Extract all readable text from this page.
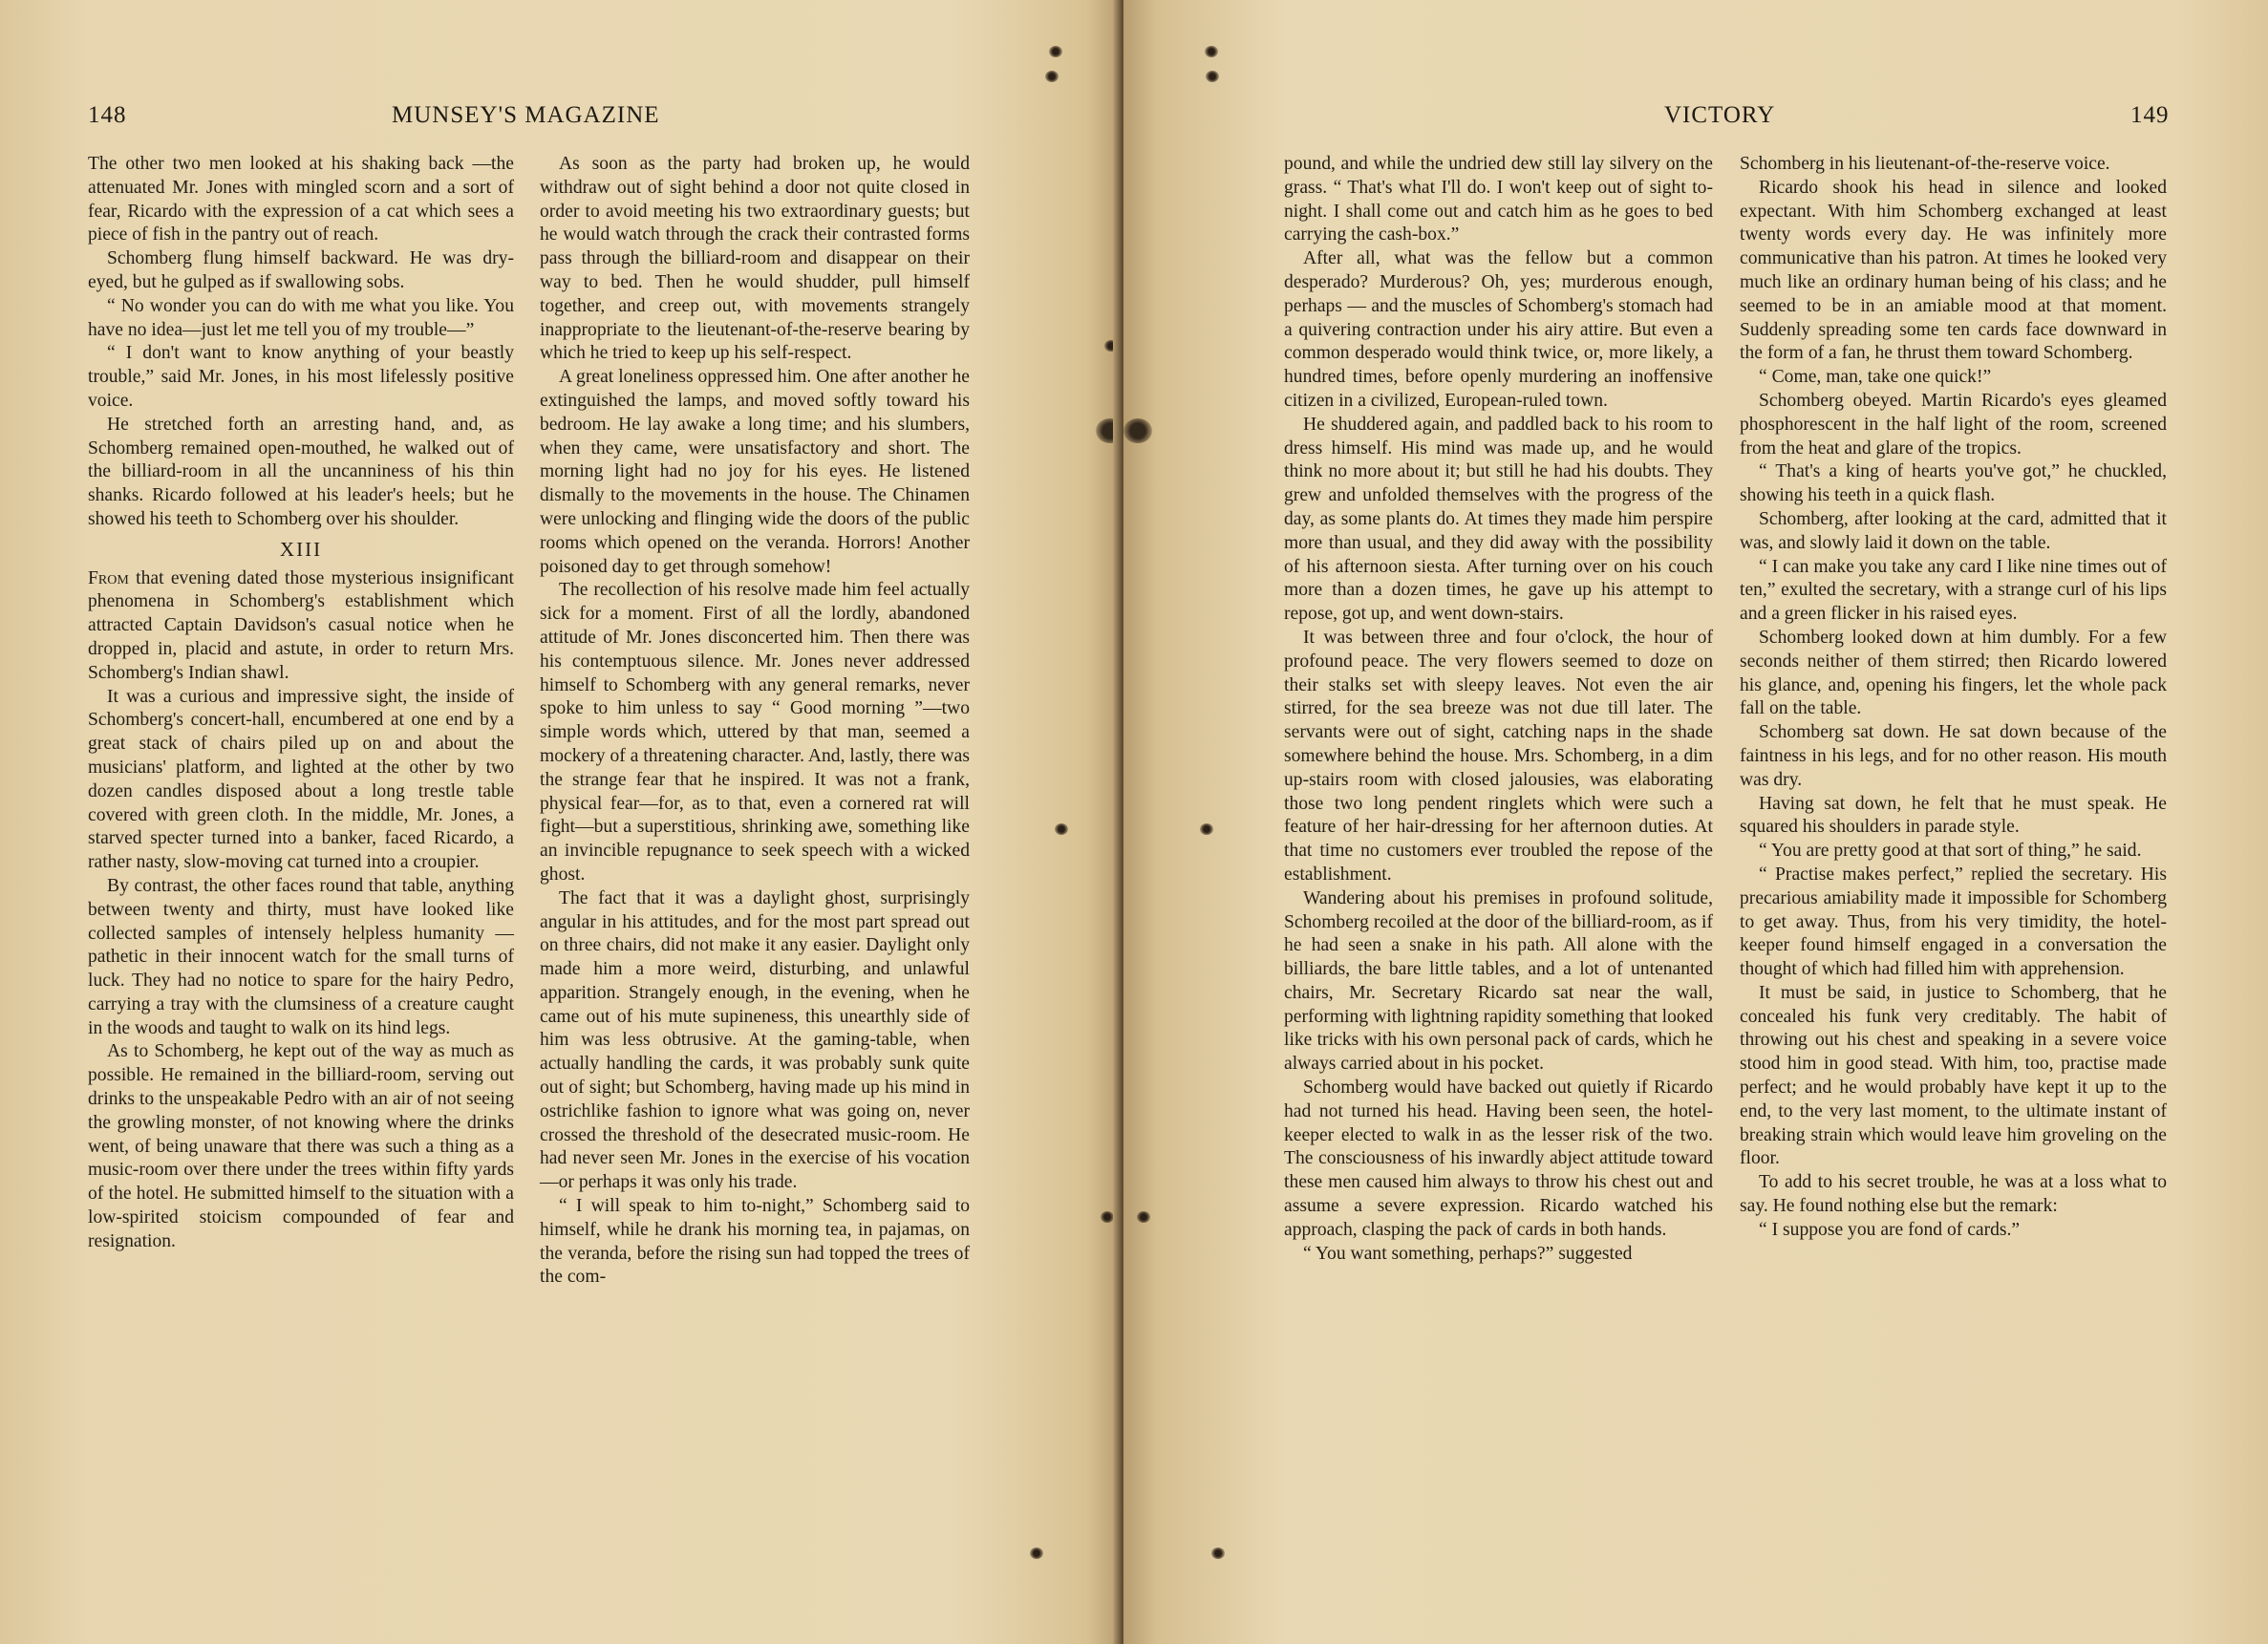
148	MUNSEY'S MAGAZINE

The other two men looked at his shaking back —the attenuated Mr. Jones with mingled scorn and a sort of fear, Ricardo with the expression of a cat which sees a piece of fish in the pantry out of reach.

Schomberg flung himself backward. He was dry-eyed, but he gulped as if swallowing sobs.

“ No wonder you can do with me what you like. You have no idea—just let me tell you of my trouble—”

“ I don't want to know anything of your beastly trouble,” said Mr. Jones, in his most lifelessly positive voice.

He stretched forth an arresting hand, and, as Schomberg remained open-mouthed, he walked out of the billiard-room in all the uncanniness of his thin shanks. Ricardo followed at his leader's heels; but he showed his teeth to Schomberg over his shoulder.

XIII

From that evening dated those mysterious insignificant phenomena in Schomberg's establishment which attracted Captain Davidson's casual notice when he dropped in, placid and astute, in order to return Mrs. Schomberg's Indian shawl.

It was a curious and impressive sight, the inside of Schomberg's concert-hall, encumbered at one end by a great stack of chairs piled up on and about the musicians' platform, and lighted at the other by two dozen candles disposed about a long trestle table covered with green cloth. In the middle, Mr. Jones, a starved specter turned into a banker, faced Ricardo, a rather nasty, slow-moving cat turned into a croupier.

By contrast, the other faces round that table, anything between twenty and thirty, must have looked like collected samples of intensely helpless humanity — pathetic in their innocent watch for the small turns of luck. They had no notice to spare for the hairy Pedro, carrying a tray with the clumsiness of a creature caught in the woods and taught to walk on its hind legs.

As to Schomberg, he kept out of the way as much as possible. He remained in the billiard-room, serving out drinks to the unspeakable Pedro with an air of not seeing the growling monster, of not knowing where the drinks went, of being unaware that there was such a thing as a music-room over there under the trees within fifty yards of the hotel. He submitted himself to the situation with a low-spirited stoicism compounded of fear and resignation.

As soon as the party had broken up, he would withdraw out of sight behind a door not quite closed in order to avoid meeting his two extraordinary guests; but he would watch through the crack their contrasted forms pass through the billiard-room and disappear on their way to bed. Then he would shudder, pull himself together, and creep out, with movements strangely inappropriate to the lieutenant-of-the-reserve bearing by which he tried to keep up his self-respect.

A great loneliness oppressed him. One after another he extinguished the lamps, and moved softly toward his bedroom. He lay awake a long time; and his slumbers, when they came, were unsatisfactory and short. The morning light had no joy for his eyes. He listened dismally to the movements in the house. The Chinamen were unlocking and flinging wide the doors of the public rooms which opened on the veranda. Horrors! Another poisoned day to get through somehow!

The recollection of his resolve made him feel actually sick for a moment. First of all the lordly, abandoned attitude of Mr. Jones disconcerted him. Then there was his contemptuous silence. Mr. Jones never addressed himself to Schomberg with any general remarks, never spoke to him unless to say “ Good morning ”—two simple words which, uttered by that man, seemed a mockery of a threatening character. And, lastly, there was the strange fear that he inspired. It was not a frank, physical fear—for, as to that, even a cornered rat will fight—but a superstitious, shrinking awe, something like an invincible repugnance to seek speech with a wicked ghost.

The fact that it was a daylight ghost, surprisingly angular in his attitudes, and for the most part spread out on three chairs, did not make it any easier. Daylight only made him a more weird, disturbing, and unlawful apparition. Strangely enough, in the evening, when he came out of his mute supineness, this unearthly side of him was less obtrusive. At the gaming-table, when actually handling the cards, it was probably sunk quite out of sight; but Schomberg, having made up his mind in ostrichlike fashion to ignore what was going on, never crossed the threshold of the desecrated music-room. He had never seen Mr. Jones in the exercise of his vocation—or perhaps it was only his trade.

“ I will speak to him to-night,” Schomberg said to himself, while he drank his morning tea, in pajamas, on the veranda, before the rising sun had topped the trees of the com-

VICTORY	149

pound, and while the undried dew still lay silvery on the grass. “ That's what I'll do. I won't keep out of sight to-night. I shall come out and catch him as he goes to bed carrying the cash-box.”

After all, what was the fellow but a common desperado? Murderous? Oh, yes; murderous enough, perhaps — and the muscles of Schomberg's stomach had a quivering contraction under his airy attire. But even a common desperado would think twice, or, more likely, a hundred times, before openly murdering an inoffensive citizen in a civilized, European-ruled town.

He shuddered again, and paddled back to his room to dress himself. His mind was made up, and he would think no more about it; but still he had his doubts. They grew and unfolded themselves with the progress of the day, as some plants do. At times they made him perspire more than usual, and they did away with the possibility of his afternoon siesta. After turning over on his couch more than a dozen times, he gave up his attempt to repose, got up, and went down-stairs.

It was between three and four o'clock, the hour of profound peace. The very flowers seemed to doze on their stalks set with sleepy leaves. Not even the air stirred, for the sea breeze was not due till later. The servants were out of sight, catching naps in the shade somewhere behind the house. Mrs. Schomberg, in a dim up-stairs room with closed jalousies, was elaborating those two long pendent ringlets which were such a feature of her hair-dressing for her afternoon duties. At that time no customers ever troubled the repose of the establishment.

Wandering about his premises in profound solitude, Schomberg recoiled at the door of the billiard-room, as if he had seen a snake in his path. All alone with the billiards, the bare little tables, and a lot of untenanted chairs, Mr. Secretary Ricardo sat near the wall, performing with lightning rapidity something that looked like tricks with his own personal pack of cards, which he always carried about in his pocket.

Schomberg would have backed out quietly if Ricardo had not turned his head. Having been seen, the hotel-keeper elected to walk in as the lesser risk of the two. The consciousness of his inwardly abject attitude toward these men caused him always to throw his chest out and assume a severe expression. Ricardo watched his approach, clasping the pack of cards in both hands.

“ You want something, perhaps?” suggested

Schomberg in his lieutenant-of-the-reserve voice.

Ricardo shook his head in silence and looked expectant. With him Schomberg exchanged at least twenty words every day. He was infinitely more communicative than his patron. At times he looked very much like an ordinary human being of his class; and he seemed to be in an amiable mood at that moment. Suddenly spreading some ten cards face downward in the form of a fan, he thrust them toward Schomberg.

“ Come, man, take one quick!”

Schomberg obeyed. Martin Ricardo's eyes gleamed phosphorescent in the half light of the room, screened from the heat and glare of the tropics.

“ That's a king of hearts you've got,” he chuckled, showing his teeth in a quick flash.

Schomberg, after looking at the card, admitted that it was, and slowly laid it down on the table.

“ I can make you take any card I like nine times out of ten,” exulted the secretary, with a strange curl of his lips and a green flicker in his raised eyes.

Schomberg looked down at him dumbly. For a few seconds neither of them stirred; then Ricardo lowered his glance, and, opening his fingers, let the whole pack fall on the table.

Schomberg sat down. He sat down because of the faintness in his legs, and for no other reason. His mouth was dry.

Having sat down, he felt that he must speak. He squared his shoulders in parade style.

“ You are pretty good at that sort of thing,” he said.

“ Practise makes perfect,” replied the secretary. His precarious amiability made it impossible for Schomberg to get away. Thus, from his very timidity, the hotel-keeper found himself engaged in a conversation the thought of which had filled him with apprehension.

It must be said, in justice to Schomberg, that he concealed his funk very creditably. The habit of throwing out his chest and speaking in a severe voice stood him in good stead. With him, too, practise made perfect; and he would probably have kept it up to the end, to the very last moment, to the ultimate instant of breaking strain which would leave him groveling on the floor.

To add to his secret trouble, he was at a loss what to say. He found nothing else but the remark:

“ I suppose you are fond of cards.”
